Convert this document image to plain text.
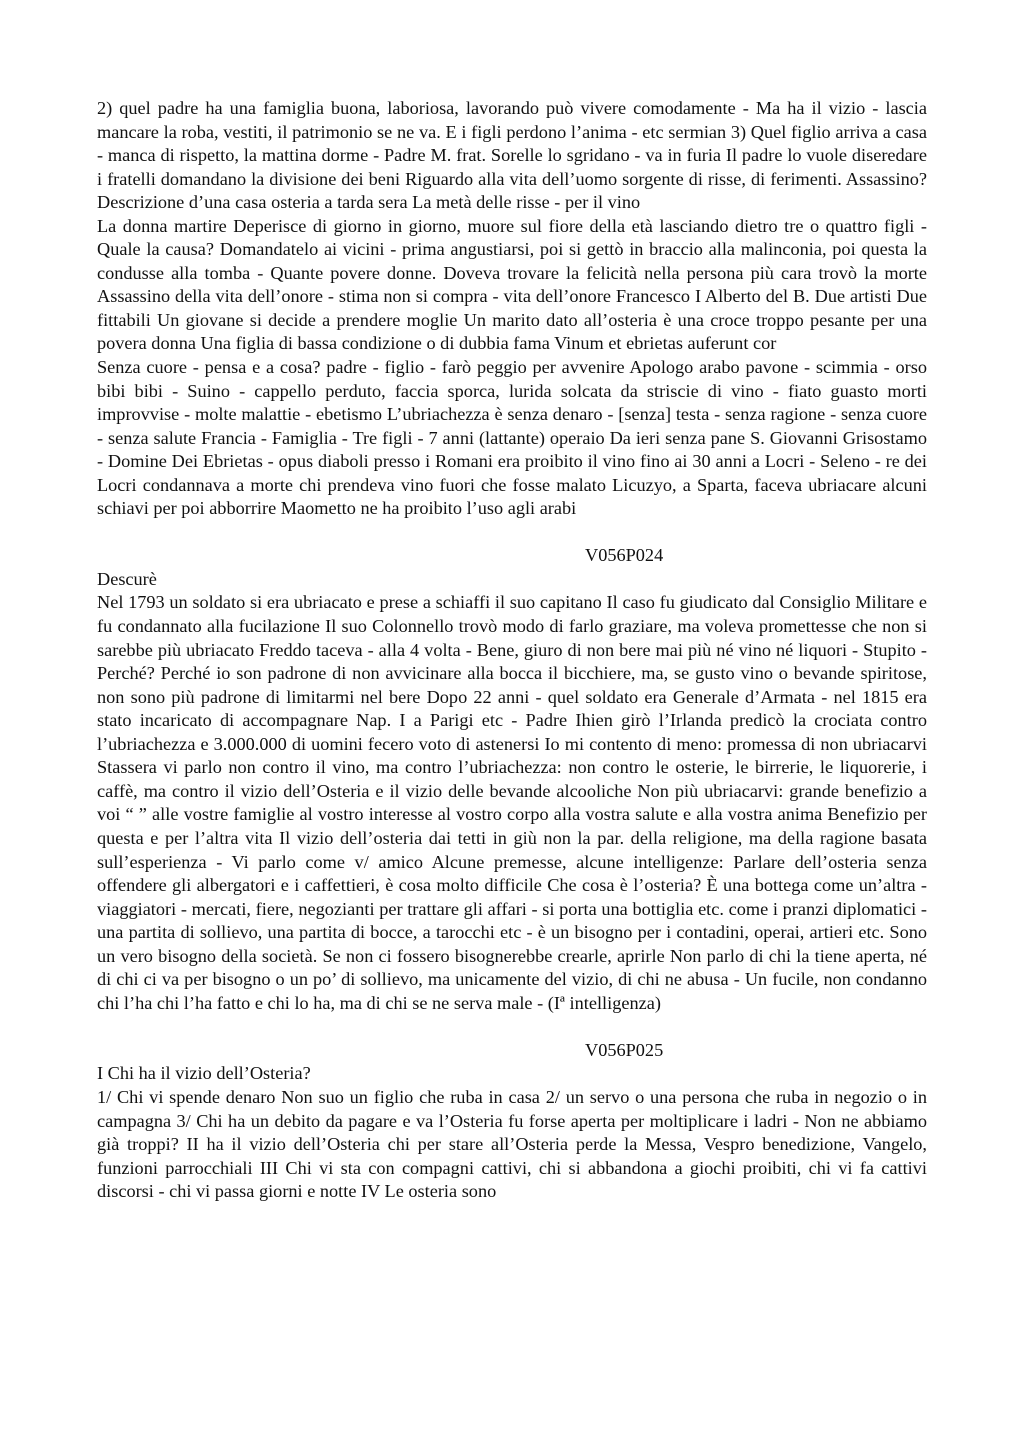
2) quel padre ha una famiglia buona, laboriosa, lavorando può vivere comodamente - Ma ha il vizio - lascia mancare la roba, vestiti, il patrimonio se ne va. E i figli perdono l’anima - etc sermian 3) Quel figlio arriva a casa - manca di rispetto, la mattina dorme - Padre M. frat. Sorelle lo sgridano - va in furia Il padre lo vuole diseredare i fratelli domandano la divisione dei beni Riguardo alla vita dell’uomo sorgente di risse, di ferimenti. Assassino? Descrizione d’una casa osteria a tarda sera La metà delle risse - per il vino

La donna martire Deperisce di giorno in giorno, muore sul fiore della età lasciando dietro tre o quattro figli - Quale la causa? Domandatelo ai vicini - prima angustiarsi, poi si gettò in braccio alla malinconia, poi questa la condusse alla tomba - Quante povere donne. Doveva trovare la felicità nella persona più cara trovò la morte Assassino della vita dell’onore - stima non si compra - vita dell’onore Francesco I Alberto del B. Due artisti Due fittabili Un giovane si decide a prendere moglie Un marito dato all’osteria è una croce troppo pesante per una povera donna Una figlia di bassa condizione o di dubbia fama Vinum et ebrietas auferunt cor

Senza cuore - pensa e a cosa? padre - figlio - farò peggio per avvenire Apologo arabo pavone - scimmia - orso bibi bibi - Suino - cappello perduto, faccia sporca, lurida solcata da striscie di vino - fiato guasto morti improvvise - molte malattie - ebetismo L’ubriachezza è senza denaro - [senza] testa - senza ragione - senza cuore - senza salute Francia - Famiglia - Tre figli - 7 anni (lattante) operaio Da ieri senza pane S. Giovanni Grisostamo - Domine Dei Ebrietas - opus diaboli presso i Romani era proibito il vino fino ai 30 anni a Locri - Seleno - re dei Locri condannava a morte chi prendeva vino fuori che fosse malato Licuzyo, a Sparta, faceva ubriacare alcuni schiavi per poi abborrire Maometto ne ha proibito l’uso agli arabi

V056P024

Descurè

Nel 1793 un soldato si era ubriacato e prese a schiaffi il suo capitano Il caso fu giudicato dal Consiglio Militare e fu condannato alla fucilazione Il suo Colonnello trovò modo di farlo graziare, ma voleva promettesse che non si sarebbe più ubriacato Freddo taceva - alla 4 volta - Bene, giuro di non bere mai più né vino né liquori - Stupito - Perché? Perché io son padrone di non avvicinare alla bocca il bicchiere, ma, se gusto vino o bevande spiritose, non sono più padrone di limitarmi nel bere Dopo 22 anni - quel soldato era Generale d’Armata - nel 1815 era stato incaricato di accompagnare Nap. I a Parigi etc - Padre Ihien girò l’Irlanda predicò la crociata contro l’ubriachezza e 3.000.000 di uomini fecero voto di astenersi Io mi contento di meno: promessa di non ubriacarvi Stassera vi parlo non contro il vino, ma contro l’ubriachezza: non contro le osterie, le birrerie, le liquorerie, i caffè, ma contro il vizio dell’Osteria e il vizio delle bevande alcooliche Non più ubriacarvi: grande benefizio a voi “ ” alle vostre famiglie al vostro interesse al vostro corpo alla vostra salute e alla vostra anima Benefizio per questa e per l’altra vita Il vizio dell’osteria dai tetti in giù non la par. della religione, ma della ragione basata sull’esperienza - Vi parlo come v/ amico Alcune premesse, alcune intelligenze: Parlare dell’osteria senza offendere gli albergatori e i caffettieri, è cosa molto difficile Che cosa è l’osteria? È una bottega come un’altra - viaggiatori - mercati, fiere, negozianti per trattare gli affari - si porta una bottiglia etc. come i pranzi diplomatici - una partita di sollievo, una partita di bocce, a tarocchi etc - è un bisogno per i contadini, operai, artieri etc. Sono un vero bisogno della società. Se non ci fossero bisognerebbe crearle, aprirle Non parlo di chi la tiene aperta, né di chi ci va per bisogno o un po’ di sollievo, ma unicamente del vizio, di chi ne abusa - Un fucile, non condanno chi l’ha chi l’ha fatto e chi lo ha, ma di chi se ne serva male - (Iª intelligenza)

V056P025

I Chi ha il vizio dell’Osteria?

1/ Chi vi spende denaro Non suo un figlio che ruba in casa 2/ un servo o una persona che ruba in negozio o in campagna 3/ Chi ha un debito da pagare e va l’Osteria fu forse aperta per moltiplicare i ladri - Non ne abbiamo già troppi? II ha il vizio dell’Osteria chi per stare all’Osteria perde la Messa, Vespro benedizione, Vangelo, funzioni parrocchiali III Chi vi sta con compagni cattivi, chi si abbandona a giochi proibiti, chi vi fa cattivi discorsi - chi vi passa giorni e notte IV Le osteria sono
